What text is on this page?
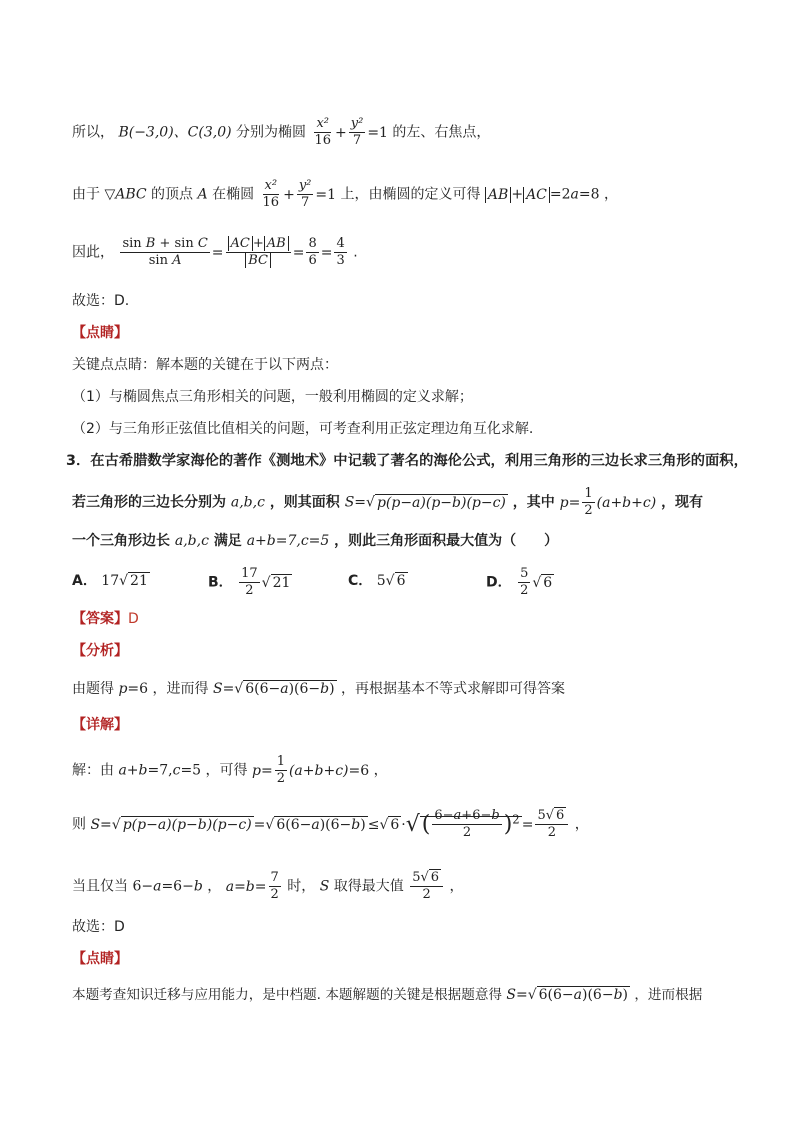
所以， B(−3,0)、C(3,0) 分别为椭圆 $\frac{\text{x²}}{16} + \frac{\text{y²}}{7} =1$ 的左、右焦点，
由于 ▽ABC 的顶点 A 在椭圆 $\frac{\text{x²}}{16} + \frac{\text{y²}}{7} =1$ 上，由椭圆的定义可得 AB + AC =2a=8 ，
因此， $\frac{\text{sin B + sin C}}{\text{sin A}} = \frac{AC + AB}{BC} = \frac{8}{6} = \frac{4}{3}$ .
故选：D.
【点睛】
关键点点睛：解本题的关键在于以下两点：
（1）与椭圆焦点三角形相关的问题，一般利用椭圆的定义求解；
（2）与三角形正弦值比值相关的问题，可考查利用正弦定理边角互化求解.
3．在古希腊数学家海伦的著作《测地术》中记载了著名的海伦公式，利用三角形的三边长求三角形的面积，
若三角形的三边长分别为 a,b,c ，则其面积 S=√ p(p−a)(p−b)(p−c) ，其中 $p= \frac{1}{2} (a+b+c)$ ，现有
一个三角形边长 a,b,c 满足 a+b=7,c=5 ，则此三角形面积最大值为（　　）
A． 17√ 21	B． $\frac{17}{2}$ √ 21	C． 5√ 6	D． $\frac{5}{2}$ √ 6
【答案】D
【分析】
由题得 p=6 ，进而得 S=√ 6(6−a)(6−b) ，再根据基本不等式求解即可得答案
【详解】
解：由 a+b=7,c=5 ，可得 $p= \frac{1}{2} (a+b+c)=6$ ，
则 S=√ p(p−a)(p−b)(p−c) =√ 6(6−a)(6−b) ≤√ 6 ·√( $\frac{6-a+6-b}{2} )^2 = \frac{5√ 6}{2}$ ，
当且仅当 6−a=6−b ， $a=b= \frac{7}{2}$ 时， S 取得最大值 $\frac{5√ 6}{2}$ ，
故选：D
【点睛】
本题考查知识迁移与应用能力，是中档题. 本题解题的关键是根据题意得 S=√ 6(6−a)(6−b) ，进而根据
